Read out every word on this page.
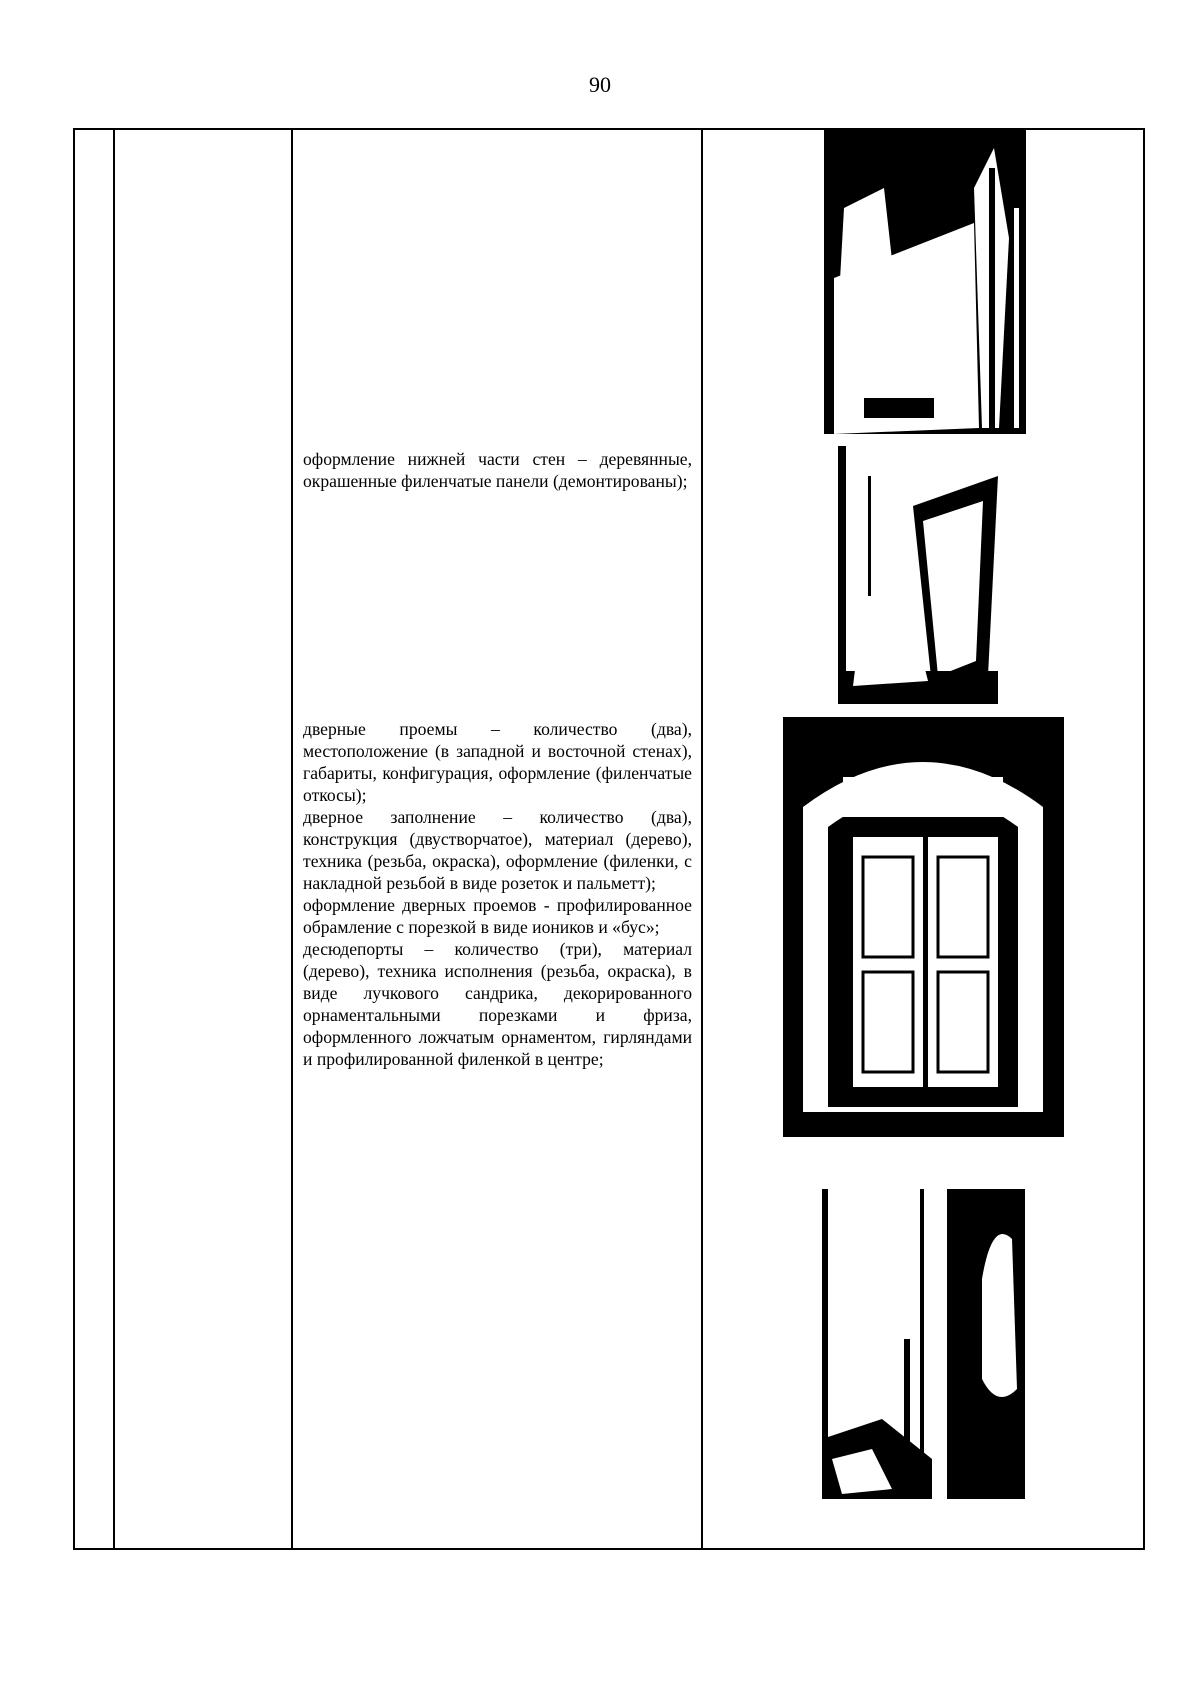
90

оформление нижней части стен – деревянные, окрашенные филенчатые панели (демонтированы);

дверные проемы – количество (два), местоположение (в западной и восточной стенах), габариты, конфигурация, оформление (филенчатые откосы);

дверное заполнение – количество (два), конструкция (двустворчатое), материал (дерево), техника (резьба, окраска), оформление (филенки, с накладной резьбой в виде розеток и пальметт);

оформление дверных проемов - профилированное обрамление с порезкой в виде иоников и «бус»;

десюдепорты – количество (три), материал (дерево), техника исполнения (резьба, окраска), в виде лучкового сандрика, декорированного орнаментальными порезками и фриза, оформленного ложчатым орнаментом, гирляндами и профилированной филенкой в центре;
